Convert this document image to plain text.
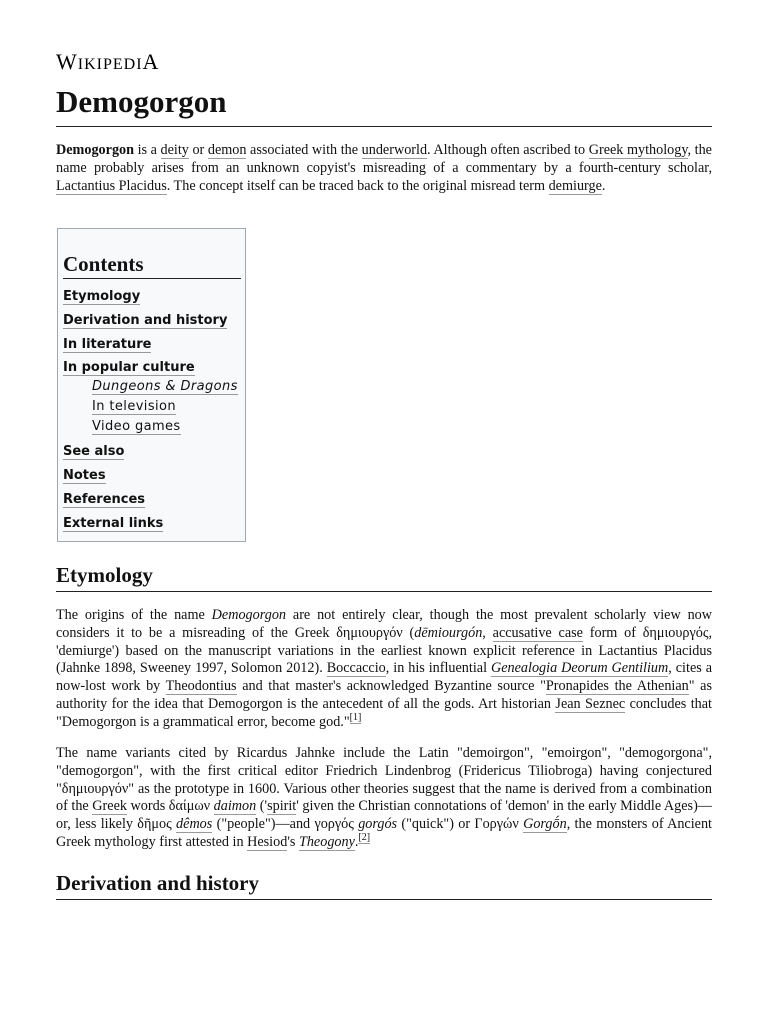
WIKIPEDIA
Demogorgon

Demogorgon is a deity or demon associated with the underworld. Although often ascribed to Greek mythology, the name probably arises from an unknown copyist's misreading of a commentary by a fourth-century scholar, Lactantius Placidus. The concept itself can be traced back to the original misread term demiurge.

Contents
Etymology
Derivation and history
In literature
In popular culture
Dungeons & Dragons
In television
Video games
See also
Notes
References
External links
Etymology

The origins of the name Demogorgon are not entirely clear, though the most prevalent scholarly view now considers it to be a misreading of the Greek δημιουργόν (dēmiourgón, accusative case form of δημιουργός, 'demiurge') based on the manuscript variations in the earliest known explicit reference in Lactantius Placidus (Jahnke 1898, Sweeney 1997, Solomon 2012). Boccaccio, in his influential Genealogia Deorum Gentilium, cites a now-lost work by Theodontius and that master's acknowledged Byzantine source "Pronapides the Athenian" as authority for the idea that Demogorgon is the antecedent of all the gods. Art historian Jean Seznec concludes that "Demogorgon is a grammatical error, become god."[1]

The name variants cited by Ricardus Jahnke include the Latin "demoirgon", "emoirgon", "demogorgona", "demogorgon", with the first critical editor Friedrich Lindenbrog (Fridericus Tiliobroga) having conjectured "δημιουργόν" as the prototype in 1600. Various other theories suggest that the name is derived from a combination of the Greek words δαίμων daimon ('spirit' given the Christian connotations of 'demon' in the early Middle Ages)—or, less likely δῆμος dêmos ("people")—and γοργός gorgós ("quick") or Γοργών Gorgṓn, the monsters of Ancient Greek mythology first attested in Hesiod's Theogony.[2]

Derivation and history
